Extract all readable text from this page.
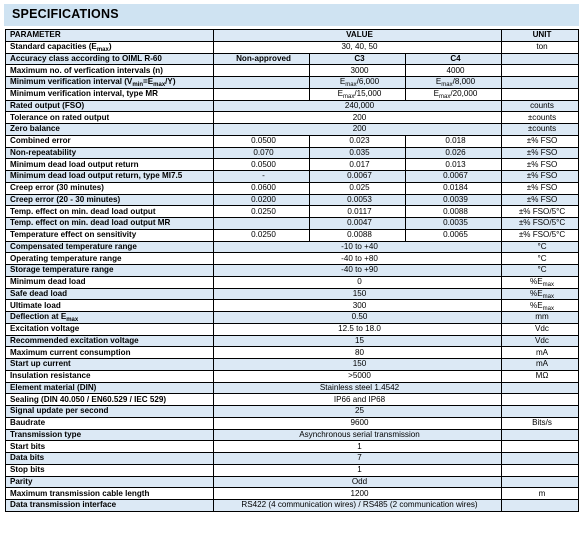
SPECIFICATIONS
PARAMETER	VALUE			UNIT
Standard capacities $(E_{max})$	30, 40, 50			ton
Accuracy class according to OIML R-60	Non-approved	C3	C4	
Maximum no. of verfication intervals (n)		3000	4000	
Minimum verification interval $(V_{min}=E_{max}/Y)$		$E_{max}/6,000$	$E_{max}/8,000$	
Minimum verification interval, type MR		$E_{max}/15,000$	$E_{max}/20,000$	
Rated output (FSO)	240,000			counts
Tolerance on rated output	200			±counts
Zero balance	200			±counts
Combined error	0.0500	0.023	0.018	±% FSO
Non-repeatability	0.070	0.035	0.026	±% FSO
Minimum dead load output return	0.0500	0.017	0.013	±% FSO
Minimum dead load output return, type MI7.5	-	0.0067	0.0067	±% FSO
Creep error (30 minutes)	0.0600	0.025	0.0184	±% FSO
Creep error (20 - 30 minutes)	0.0200	0.0053	0.0039	±% FSO
Temp. effect on min. dead load output	0.0250	0.0117	0.0088	±% FSO/5°C
Temp. effect on min. dead load output MR		0.0047	0.0035	±% FSO/5°C
Temperature effect on sensitivity	0.0250	0.0088	0.0065	±% FSO/5°C
Compensated temperature range	-10 to +40			°C
Operating temperature range	-40 to +80			°C
Storage temperature range	-40 to +90			°C
Minimum dead load	0			$\%E_{max}$
Safe dead load	150			$\%E_{max}$
Ultimate load	300			$\%E_{max}$
Deflection at $E_{max}$	0.50			mm
Excitation voltage	12.5 to 18.0			Vdc
Recommended excitation voltage	15			Vdc
Maximum current consumption	80			mA
Start up current	150			mA
Insulation resistance	>5000			MΩ
Element material (DIN)	Stainless steel 1.4542			
Sealing (DIN 40.050 / EN60.529 / IEC 529)	IP66 and IP68			
Signal update per second	25			
Baudrate	9600			Bits/s
Transmission type	Asynchronous serial transmission			
Start bits	1			
Data bits	7			
Stop bits	1			
Parity	Odd			
Maximum transmission cable length	1200			m
Data transmission interface	RS422 (4 communication wires) / RS485 (2 communication wires)			
